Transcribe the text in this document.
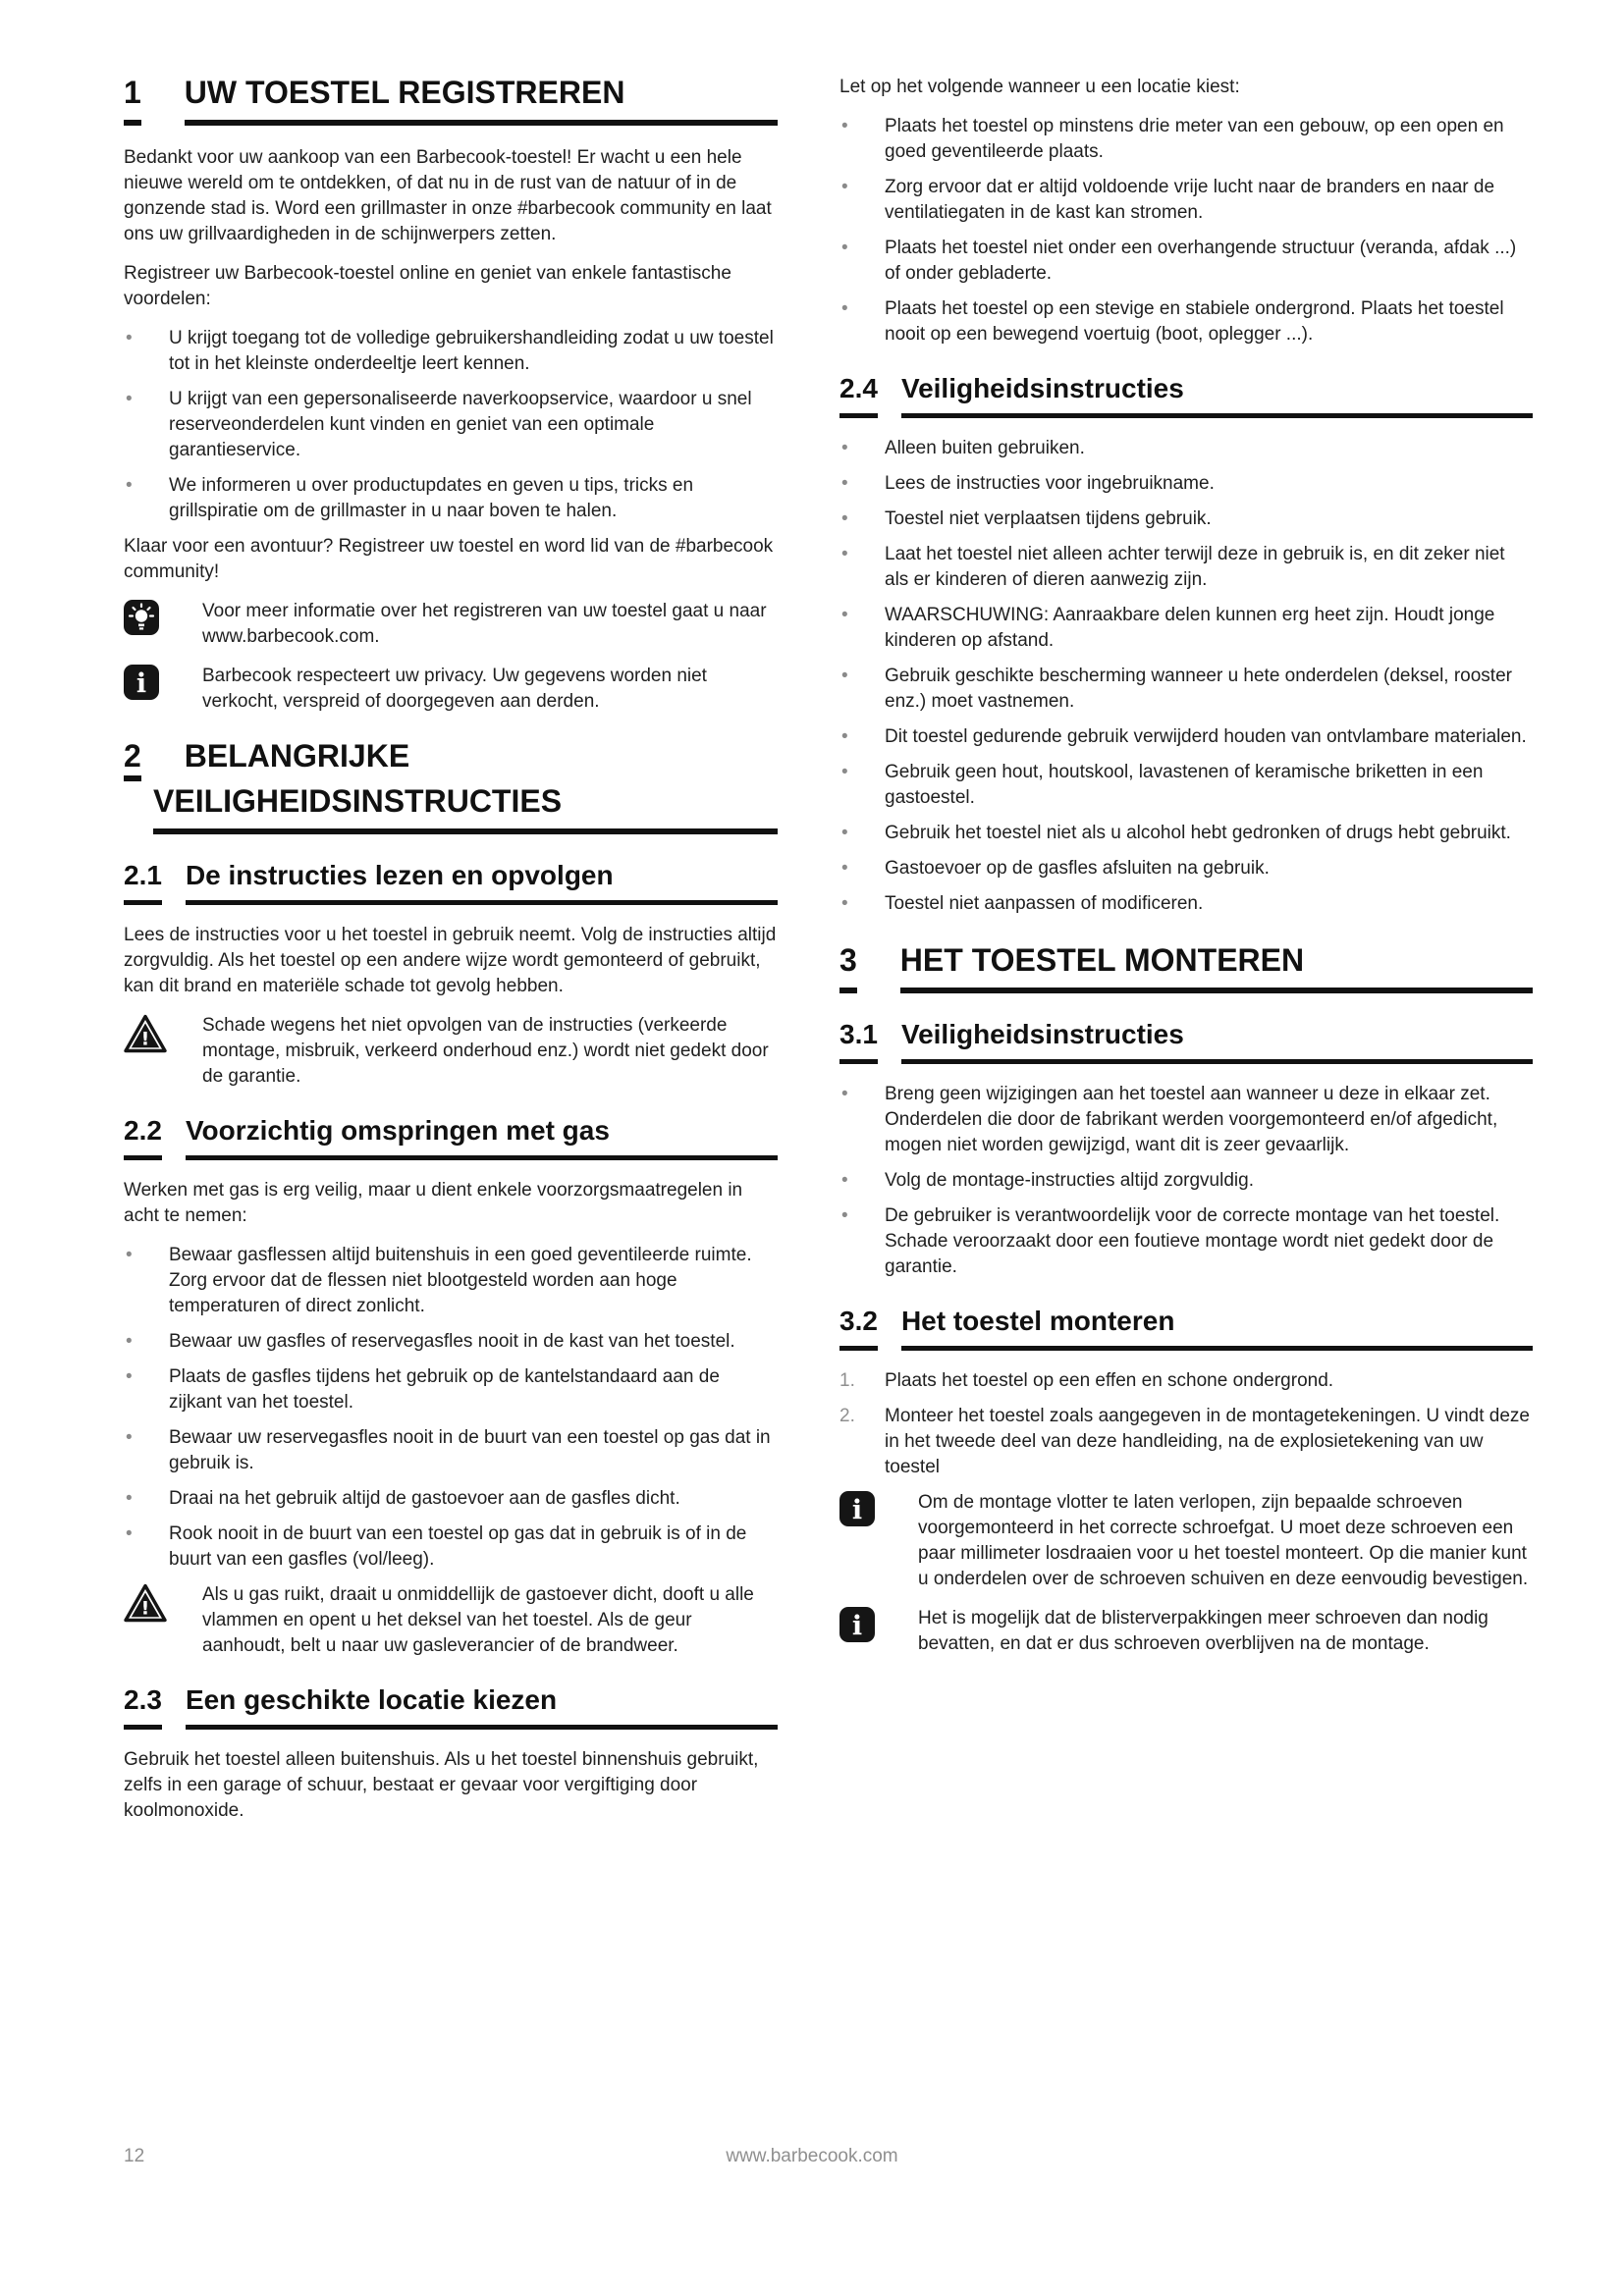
1 UW TOESTEL REGISTREREN

Bedankt voor uw aankoop van een Barbecook-toestel! Er wacht u een hele nieuwe wereld om te ontdekken, of dat nu in de rust van de natuur of in de gonzende stad is. Word een grillmaster in onze #barbecook community en laat ons uw grillvaardigheden in de schijnwerpers zetten.

Registreer uw Barbecook-toestel online en geniet van enkele fantastische voordelen:

• U krijgt toegang tot de volledige gebruikershandleiding zodat u uw toestel tot in het kleinste onderdeeltje leert kennen.
• U krijgt van een gepersonaliseerde naverkoopservice, waardoor u snel reserveonderdelen kunt vinden en geniet van een optimale garantieservice.
• We informeren u over productupdates en geven u tips, tricks en grillspiratie om de grillmaster in u naar boven te halen.

Klaar voor een avontuur? Registreer uw toestel en word lid van de #barbecook community!

Voor meer informatie over het registreren van uw toestel gaat u naar www.barbecook.com.
i	Barbecook respecteert uw privacy. Uw gegevens worden niet verkocht, verspreid of doorgegeven aan derden.
2 BELANGRIJKE
VEILIGHEIDSINSTRUCTIES
2.1 De instructies lezen en opvolgen

Lees de instructies voor u het toestel in gebruik neemt. Volg de instructies altijd zorgvuldig. Als het toestel op een andere wijze wordt gemonteerd of gebruikt, kan dit brand en materiële schade tot gevolg hebben.

!
Schade wegens het niet opvolgen van de instructies (verkeerde montage, misbruik, verkeerd onderhoud enz.) wordt niet gedekt door de garantie.
2.2 Voorzichtig omspringen met gas

Werken met gas is erg veilig, maar u dient enkele voorzorgsmaatregelen in acht te nemen:

• Bewaar gasflessen altijd buitenshuis in een goed geventileerde ruimte. Zorg ervoor dat de flessen niet blootgesteld worden aan hoge temperaturen of direct zonlicht.
• Bewaar uw gasfles of reservegasfles nooit in de kast van het toestel.
• Plaats de gasfles tijdens het gebruik op de kantelstandaard aan de zijkant van het toestel.
• Bewaar uw reservegasfles nooit in de buurt van een toestel op gas dat in gebruik is.
• Draai na het gebruik altijd de gastoevoer aan de gasfles dicht.
• Rook nooit in de buurt van een toestel op gas dat in gebruik is of in de buurt van een gasfles (vol/leeg).
!
Als u gas ruikt, draait u onmiddellijk de gastoever dicht, dooft u alle vlammen en opent u het deksel van het toestel. Als de geur aanhoudt, belt u naar uw gasleverancier of de brandweer.
2.3 Een geschikte locatie kiezen

Gebruik het toestel alleen buitenshuis. Als u het toestel binnenshuis gebruikt, zelfs in een garage of schuur, bestaat er gevaar voor vergiftiging door koolmonoxide.

Let op het volgende wanneer u een locatie kiest:

• Plaats het toestel op minstens drie meter van een gebouw, op een open en goed geventileerde plaats.
• Zorg ervoor dat er altijd voldoende vrije lucht naar de branders en naar de ventilatiegaten in de kast kan stromen.
• Plaats het toestel niet onder een overhangende structuur (veranda, afdak ...) of onder gebladerte.
• Plaats het toestel op een stevige en stabiele ondergrond. Plaats het toestel nooit op een bewegend voertuig (boot, oplegger ...).
2.4 Veiligheidsinstructies
• Alleen buiten gebruiken.
• Lees de instructies voor ingebruikname.
• Toestel niet verplaatsen tijdens gebruik.
• Laat het toestel niet alleen achter terwijl deze in gebruik is, en dit zeker niet als er kinderen of dieren aanwezig zijn.
• WAARSCHUWING: Aanraakbare delen kunnen erg heet zijn. Houdt jonge kinderen op afstand.
• Gebruik geschikte bescherming wanneer u hete onderdelen (deksel, rooster enz.) moet vastnemen.
• Dit toestel gedurende gebruik verwijderd houden van ontvlambare materialen.
• Gebruik geen hout, houtskool, lavastenen of keramische briketten in een gastoestel.
• Gebruik het toestel niet als u alcohol hebt gedronken of drugs hebt gebruikt.
• Gastoevoer op de gasfles afsluiten na gebruik.
• Toestel niet aanpassen of modificeren.
3 HET TOESTEL MONTEREN
3.1 Veiligheidsinstructies
• Breng geen wijzigingen aan het toestel aan wanneer u deze in elkaar zet. Onderdelen die door de fabrikant werden voorgemonteerd en/of afgedicht, mogen niet worden gewijzigd, want dit is zeer gevaarlijk.
• Volg de montage-instructies altijd zorgvuldig.
• De gebruiker is verantwoordelijk voor de correcte montage van het toestel. Schade veroorzaakt door een foutieve montage wordt niet gedekt door de garantie.
3.2 Het toestel monteren
1.	Plaats het toestel op een effen en schone ondergrond.
2.	Monteer het toestel zoals aangegeven in de montagetekeningen. U vindt deze in het tweede deel van deze handleiding, na de explosietekening van uw toestel
i	Om de montage vlotter te laten verlopen, zijn bepaalde schroeven voorgemonteerd in het correcte schroefgat. U moet deze schroeven een paar millimeter losdraaien voor u het toestel monteert. Op die manier kunt u onderdelen over de schroeven schuiven en deze eenvoudig bevestigen.
i	Het is mogelijk dat de blisterverpakkingen meer schroeven dan nodig bevatten, en dat er dus schroeven overblijven na de montage.
12	www.barbecook.com
